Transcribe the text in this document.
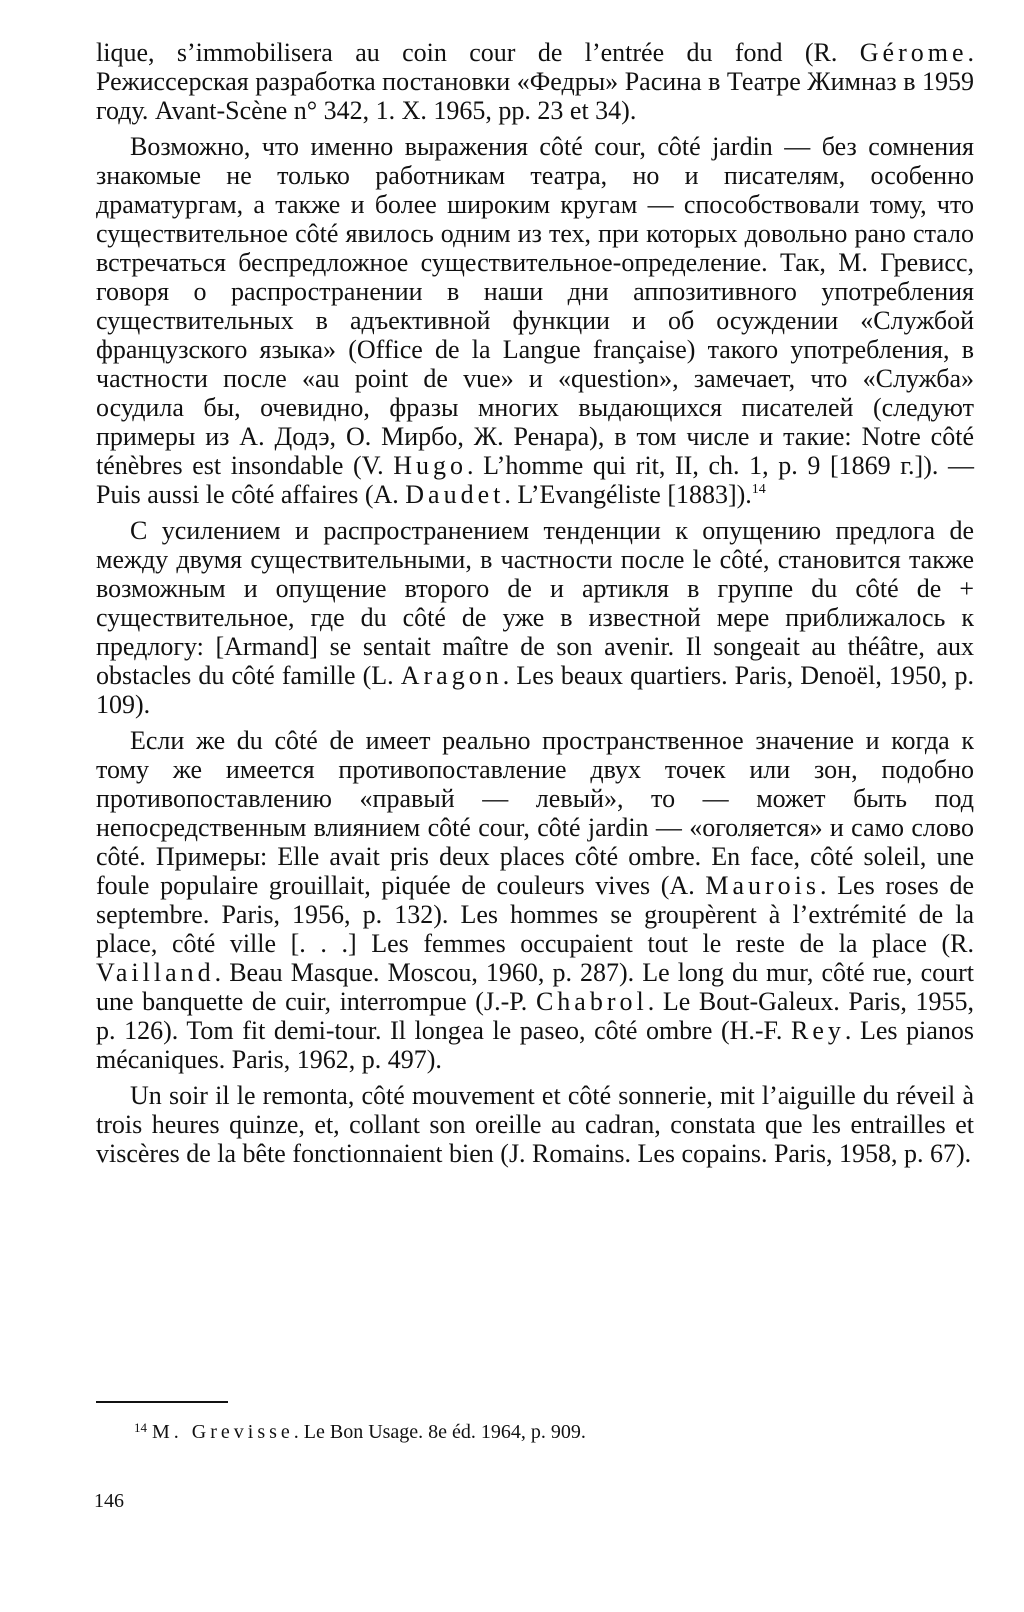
lique, s’immobilisera au coin cour de l’entrée du fond (R. Gérome. Режиссерская разработка постановки «Федры» Расина в Театре Жимназ в 1959 году. Avant-Scène n° 342, 1. X. 1965, pp. 23 et 34).

Возможно, что именно выражения côté cour, côté jardin — без сомнения знакомые не только работникам театра, но и писателям, особенно драматургам, а также и более широким кругам — способствовали тому, что существительное côté явилось одним из тех, при которых довольно рано стало встречаться беспредложное существительное-определение. Так, М. Гревисс, говоря о распространении в наши дни аппозитивного употребления существительных в адъективной функции и об осуждении «Службой французского языка» (Office de la Langue française) такого употребления, в частности после «au point de vue» и «question», замечает, что «Служба» осудила бы, очевидно, фразы многих выдающихся писателей (следуют примеры из А. Додэ, О. Мирбо, Ж. Ренара), в том числе и такие: Notre côté ténèbres est insondable (V. Hugo. L’homme qui rit, II, ch. 1, p. 9 [1869 г.]). — Puis aussi le côté affaires (A. Daudet. L’Evangéliste [1883]).$^{14}$

С усилением и распространением тенденции к опущению предлога de между двумя существительными, в частности после le côté, становится также возможным и опущение второго de и артикля в группе du côté de + существительное, где du côté de уже в известной мере приближалось к предлогу: [Armand] se sentait maître de son avenir. Il songeait au théâtre, aux obstacles du côté famille (L. Aragon. Les beaux quartiers. Paris, Denoël, 1950, p. 109).

Если же du côté de имеет реально пространственное значение и когда к тому же имеется противопоставление двух точек или зон, подобно противопоставлению «правый — левый», то — может быть под непосредственным влиянием côté cour, côté jardin — «оголяется» и само слово côté. Примеры: Elle avait pris deux places côté ombre. En face, côté soleil, une foule populaire grouillait, piquée de couleurs vives (A. Maurois. Les roses de septembre. Paris, 1956, p. 132). Les hommes se groupèrent à l’extrémité de la place, côté ville [. . .] Les femmes occupaient tout le reste de la place (R. Vailland. Beau Masque. Moscou, 1960, p. 287). Le long du mur, côté rue, court une banquette de cuir, interrompue (J.-P. Chabrol. Le Bout-Galeux. Paris, 1955, p. 126). Tom fit demi-tour. Il longea le paseo, côté ombre (H.-F. Rey. Les pianos mécaniques. Paris, 1962, p. 497).

Un soir il le remonta, côté mouvement et côté sonnerie, mit l’aiguille du réveil à trois heures quinze, et, collant son oreille au cadran, constata que les entrailles et viscères de la bête fonctionnaient bien (J. Romains. Les copains. Paris, 1958, p. 67).

$^{14}$ M. Grevisse. Le Bon Usage. 8e éd. 1964, p. 909.
146
